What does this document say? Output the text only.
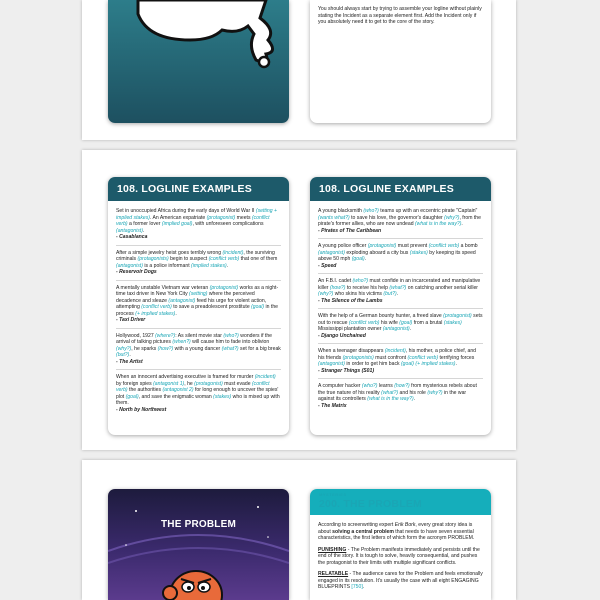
You should always start by trying to assemble your logline without plainly stating the Incident as a separate element first. Add the Incident only if you absolutely need it to get to the core of the story.
108. LOGLINE EXAMPLES
Set in unoccupied Africa during the early days of World War II (setting + implied stakes). An American expatriate (protagonist) meets (conflict verb) a former lover (implied goal), with unforeseen complications (antagonist).
- Casablanca
After a simple jewelry heist goes terribly wrong (incident), the surviving criminals (protagonists) begin to suspect (conflict verb) that one of them (antagonist) is a police informant (implied stakes).
- Reservoir Dogs
A mentally unstable Vietnam war veteran (protagonist) works as a night-time taxi driver in New York City (setting) where the perceived decadence and sleaze (antagonist) feed his urge for violent action, attempting (conflict verb) to save a preadolescent prostitute (goal) in the process (+ implied stakes).
- Taxi Driver
Hollywood, 1927 (where?): As silent movie star (who?) wonders if the arrival of talking pictures (when?) will cause him to fade into oblivion (why?), he sparks (how?) with a young dancer (what?) set for a big break (but?).
- The Artist
When an innocent advertising executive is framed for murder (incident) by foreign spies (antagonist 1), he (protagonist) must evade (conflict verb) the authorities (antagonist 2) for long enough to uncover the spies' plot (goal), and save the enigmatic woman (stakes) who is mixed up with them.
- North by Northwest
108. LOGLINE EXAMPLES
A young blacksmith (who?) teams up with an eccentric pirate "Captain" (wants what?) to save his love, the governor's daughter (why?), from the pirate's former allies, who are now undead (what is in the way?).
- Pirates of The Caribbean
A young police officer (protagonist) must prevent (conflict verb) a bomb (antagonist) exploding aboard a city bus (stakes) by keeping its speed above 50 mph (goal).
- Speed
An F.B.I. cadet (who?) must confide in an incarcerated and manipulative killer (how?) to receive his help (what?) on catching another serial killer (why?) who skins his victims (but?).
- The Silence of the Lambs
With the help of a German bounty hunter, a freed slave (protagonist) sets out to rescue (conflict verb) his wife (goal) from a brutal (stakes) Mississippi plantation owner (antagonist).
- Django Unchained
When a teenager disappears (incident), his mother, a police chief, and his friends (protagonists) must confront (conflict verb) terrifying forces (antagonist) in order to get him back (goal) (+ implied stakes).
- Stranger Things (S01)
A computer hacker (who?) learns (how?) from mysterious rebels about the true nature of his reality (what?) and his role (why?) in the war against its controllers (what is in the way?).
- The Matrix
THE PROBLEM
MYSTERIES
200. THE PROBLEM
According to screenwriting expert Erik Bork, every great story idea is about solving a central problem that needs to have seven essential characteristics, the first letters of which form the acronym PROBLEM.
PUNISHING - The Problem manifests immediately and persists until the end of the story. It is tough to solve, heavily consequential, and pushes the protagonist to their limits with multiple significant conflicts.
RELATABLE - The audience cares for the Problem and feels emotionally engaged in its resolution. It's usually the case with all eight ENGAGING BLUEPRINTS [750].
